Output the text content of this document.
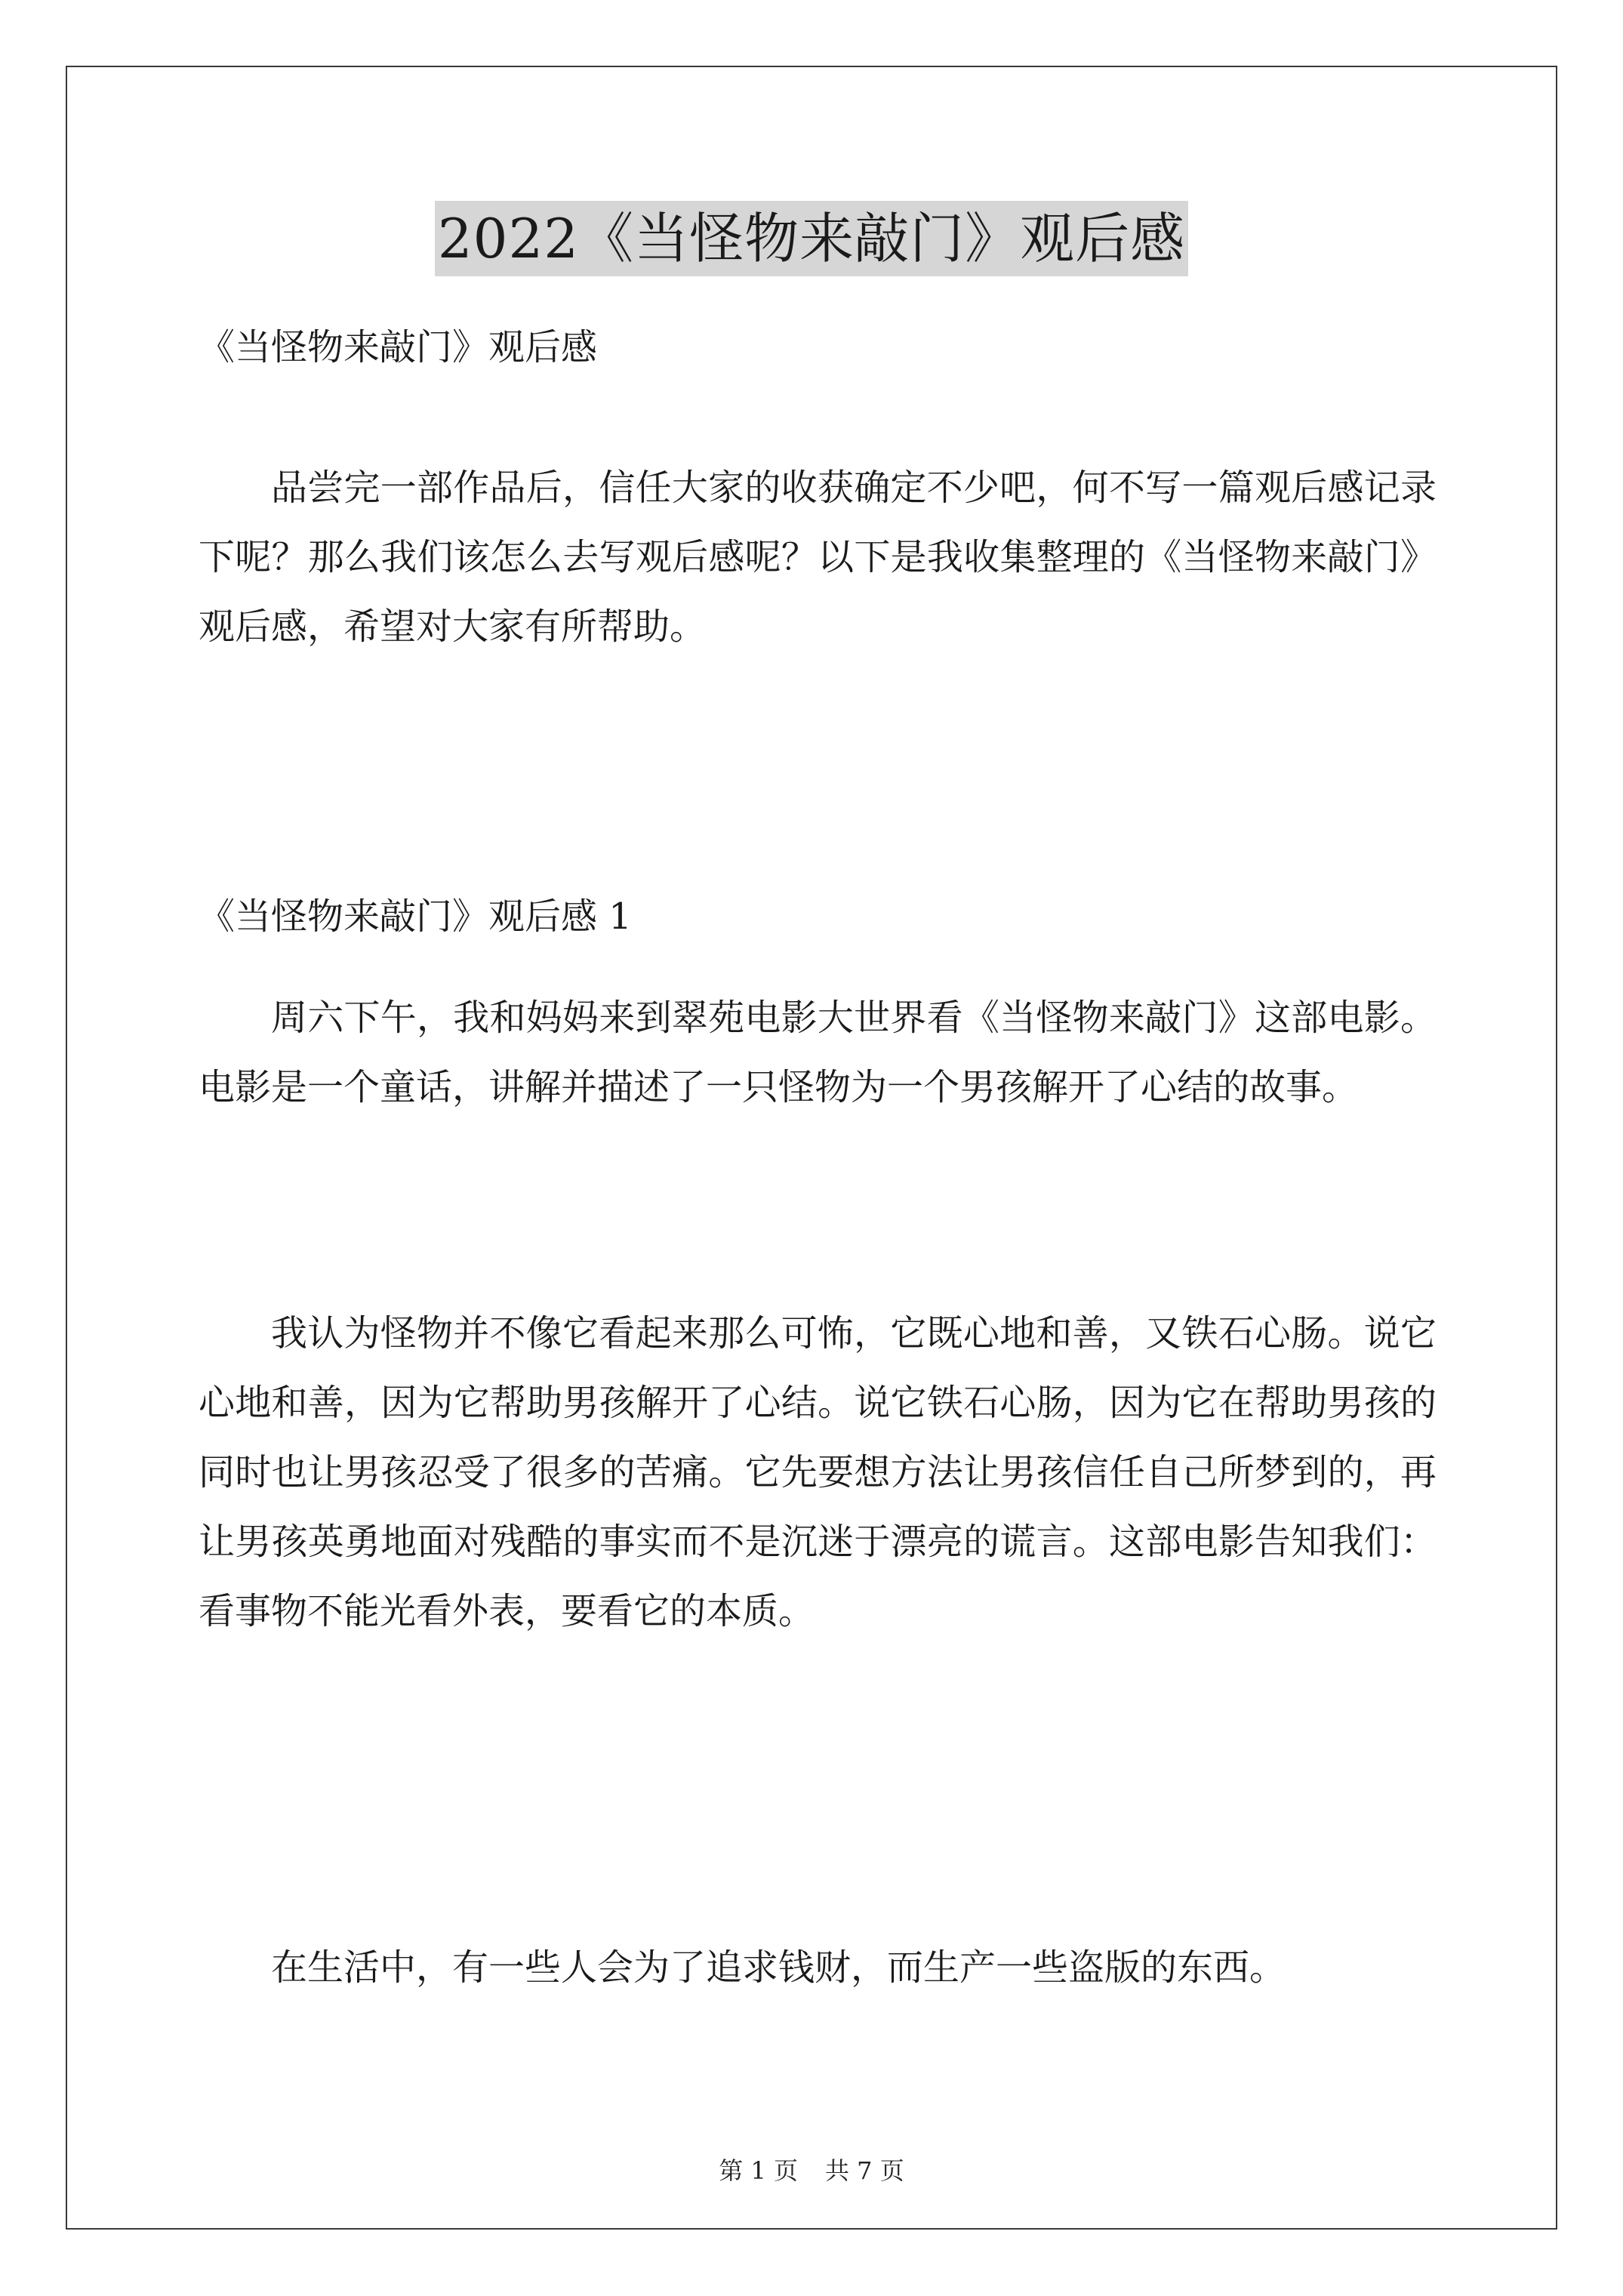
2022《当怪物来敲门》观后感

《当怪物来敲门》观后感

品尝完一部作品后，信任大家的收获确定不少吧，何不写一篇观后感记录下呢？那么我们该怎么去写观后感呢？以下是我收集整理的《当怪物来敲门》观后感，希望对大家有所帮助。

《当怪物来敲门》观后感 1

周六下午，我和妈妈来到翠苑电影大世界看《当怪物来敲门》这部电影。电影是一个童话，讲解并描述了一只怪物为一个男孩解开了心结的故事。

我认为怪物并不像它看起来那么可怖，它既心地和善，又铁石心肠。说它心地和善，因为它帮助男孩解开了心结。说它铁石心肠，因为它在帮助男孩的同时也让男孩忍受了很多的苦痛。它先要想方法让男孩信任自己所梦到的，再让男孩英勇地面对残酷的事实而不是沉迷于漂亮的谎言。这部电影告知我们：看事物不能光看外表，要看它的本质。

在生活中，有一些人会为了追求钱财，而生产一些盗版的东西。

第 1 页 共 7 页
